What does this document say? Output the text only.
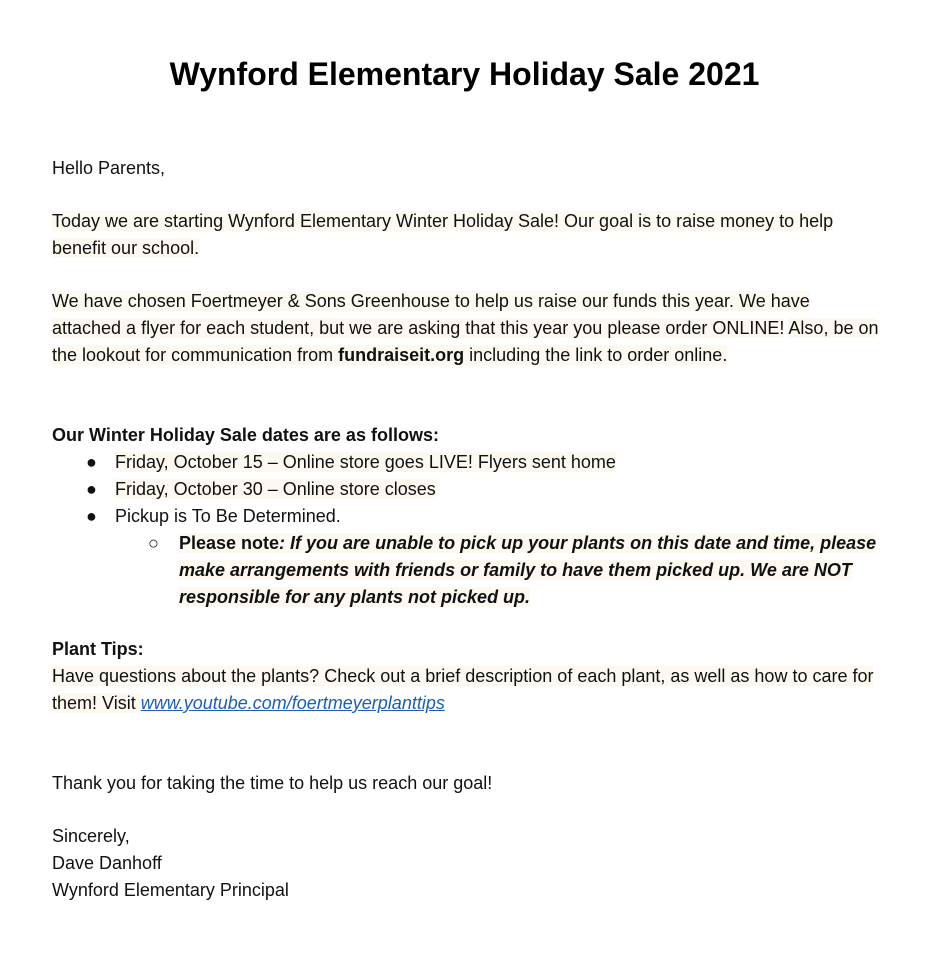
Wynford Elementary Holiday Sale 2021

Hello Parents,

Today we are starting Wynford Elementary Winter Holiday Sale! Our goal is to raise money to help benefit our school.

We have chosen Foertmeyer & Sons Greenhouse to help us raise our funds this year. We have attached a flyer for each student, but we are asking that this year you please order ONLINE! Also, be on the lookout for communication from fundraiseit.org including the link to order online.

Our Winter Holiday Sale dates are as follows:

● Friday, October 15 – Online store goes LIVE! Flyers sent home
● Friday, October 30 – Online store closes
● Pickup is To Be Determined.
○ Please note: If you are unable to pick up your plants on this date and time, please make arrangements with friends or family to have them picked up. We are NOT responsible for any plants not picked up.

Plant Tips:

Have questions about the plants? Check out a brief description of each plant, as well as how to care for them! Visit www.youtube.com/foertmeyerplanttips

Thank you for taking the time to help us reach our goal!

Sincerely,

Dave Danhoff

Wynford Elementary Principal
